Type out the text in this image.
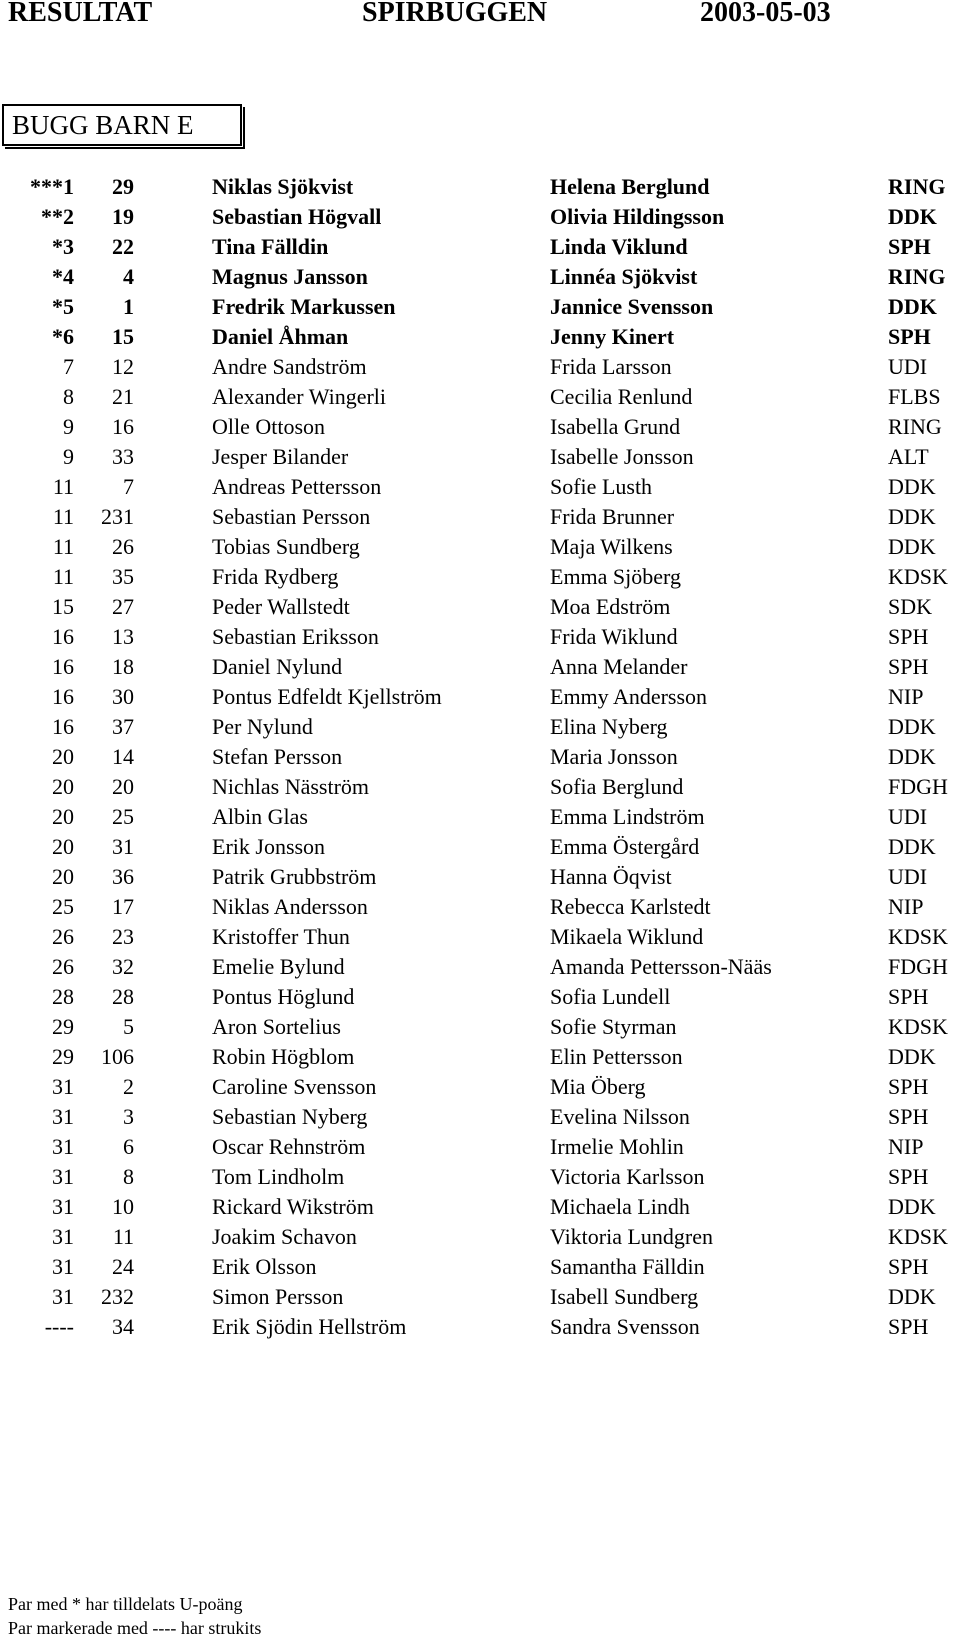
RESULTAT	SPIRBUGGEN	2003-05-03
BUGG BARN E
***1 29	Niklas Sjökvist	Helena Berglund	RING
**2 19	Sebastian Högvall	Olivia Hildingsson	DDK
*3 22	Tina Fälldin	Linda Viklund	SPH
*4 4	Magnus Jansson	Linnéa Sjökvist	RING
*5 1	Fredrik Markussen	Jannice Svensson	DDK
*6 15	Daniel Åhman	Jenny Kinert	SPH
7 12	Andre Sandström	Frida Larsson	UDI
8 21	Alexander Wingerli	Cecilia Renlund	FLBS
9 16	Olle Ottoson	Isabella Grund	RING
9 33	Jesper Bilander	Isabelle Jonsson	ALT
11 7	Andreas Pettersson	Sofie Lusth	DDK
11 231	Sebastian Persson	Frida Brunner	DDK
11 26	Tobias Sundberg	Maja Wilkens	DDK
11 35	Frida Rydberg	Emma Sjöberg	KDSK
15 27	Peder Wallstedt	Moa Edström	SDK
16 13	Sebastian Eriksson	Frida Wiklund	SPH
16 18	Daniel Nylund	Anna Melander	SPH
16 30	Pontus Edfeldt Kjellström	Emmy Andersson	NIP
16 37	Per Nylund	Elina Nyberg	DDK
20 14	Stefan Persson	Maria Jonsson	DDK
20 20	Nichlas Näsström	Sofia Berglund	FDGH
20 25	Albin Glas	Emma Lindström	UDI
20 31	Erik Jonsson	Emma Östergård	DDK
20 36	Patrik Grubbström	Hanna Öqvist	UDI
25 17	Niklas Andersson	Rebecca Karlstedt	NIP
26 23	Kristoffer Thun	Mikaela Wiklund	KDSK
26 32	Emelie Bylund	Amanda Pettersson-Nääs	FDGH
28 28	Pontus Höglund	Sofia Lundell	SPH
29 5	Aron Sortelius	Sofie Styrman	KDSK
29 106	Robin Högblom	Elin Pettersson	DDK
31 2	Caroline Svensson	Mia Öberg	SPH
31 3	Sebastian Nyberg	Evelina Nilsson	SPH
31 6	Oscar Rehnström	Irmelie Mohlin	NIP
31 8	Tom Lindholm	Victoria Karlsson	SPH
31 10	Rickard Wikström	Michaela Lindh	DDK
31 11	Joakim Schavon	Viktoria Lundgren	KDSK
31 24	Erik Olsson	Samantha Fälldin	SPH
31 232	Simon Persson	Isabell Sundberg	DDK
---- 34	Erik Sjödin Hellström	Sandra Svensson	SPH
Par med * har tilldelats U-poäng
Par markerade med ---- har strukits
